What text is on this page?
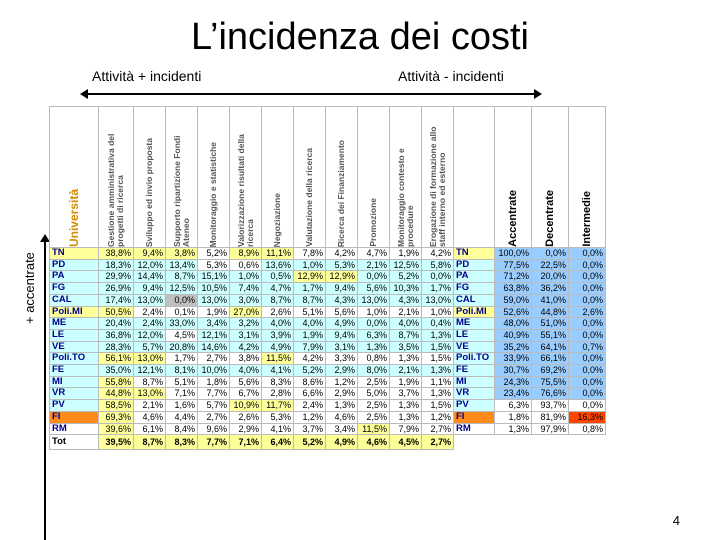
L’incidenza dei costi
Attività + incidenti	Attività - incidenti
+ accentrate
Università	Gestione amministrativa del progetti di ricerca	Sviluppo ed invio proposta	Supporto ripartizione Fondi Ateneo	Monitoraggio e statistiche	Valorizzazione risultati della ricerca	Negoziazione	Valutazione della ricerca	Ricerca dei Finanziamento	Promozione	Monitoraggio contesto e procedure	Erogazione di formazione allo staff interno ed esterno		Accentrate	Decentrate	Intermedie

TN	38,8%	9,4%	3,8%	5,2%	8,9%	11,1%	7,8%	4,2%	4,7%	1,9%	4,2%	TN	100,0%	0,0%	0,0%
PD	18,3%	12,0%	13,4%	5,3%	0,6%	13,6%	1,0%	5,3%	2,1%	12,5%	5,8%	PD	77,5%	22,5%	0,0%
PA	29,9%	14,4%	8,7%	15,1%	1,0%	0,5%	12,9%	12,9%	0,0%	5,2%	0,0%	PA	71,2%	20,0%	0,0%
FG	26,9%	9,4%	12,5%	10,5%	7,4%	4,7%	1,7%	9,4%	5,6%	10,3%	1,7%	FG	63,8%	36,2%	0,0%
CAL	17,4%	13,0%	0,0%	13,0%	3,0%	8,7%	8,7%	4,3%	13,0%	4,3%	13,0%	CAL	59,0%	41,0%	0,0%
Poli.MI	50,5%	2,4%	0,1%	1,9%	27,0%	2,6%	5,1%	5,6%	1,0%	2,1%	1,0%	Poli.MI	52,6%	44,8%	2,6%
ME	20,4%	2,4%	33,0%	3,4%	3,2%	4,0%	4,0%	4,9%	0,0%	4,0%	0,4%	ME	48,0%	51,0%	0,0%
LE	36,8%	12,0%	4,5%	12,1%	3,1%	3,9%	1,9%	9,4%	6,3%	8,7%	1,3%	LE	40,9%	55,1%	0,0%
VE	28,3%	5,7%	20,8%	14,6%	4,2%	4,9%	7,9%	3,1%	1,3%	3,5%	1,5%	VE	35,2%	64,1%	0,7%
Poli.TO	56,1%	13,0%	1,7%	2,7%	3,8%	11,5%	4,2%	3,3%	0,8%	1,3%	1,5%	Poli.TO	33,9%	66,1%	0,0%
FE	35,0%	12,1%	8,1%	10,0%	4,0%	4,1%	5,2%	2,9%	8,0%	2,1%	1,3%	FE	30,7%	69,2%	0,0%
MI	55,8%	8,7%	5,1%	1,8%	5,6%	8,3%	8,6%	1,2%	2,5%	1,9%	1,1%	MI	24,3%	75,5%	0,0%
VR	44,8%	13,0%	7,1%	7,7%	6,7%	2,8%	6,6%	2,9%	5,0%	3,7%	1,3%	VR	23,4%	76,6%	0,0%
PV	58,5%	2,1%	1,6%	5,7%	10,9%	11,7%	2,4%	1,3%	2,5%	1,3%	1,5%	PV	6,3%	93,7%	0,0%
FI	69,3%	4,6%	4,4%	2,7%	2,6%	5,3%	1,2%	4,6%	2,5%	1,3%	1,2%	FI	1,8%	81,9%	16,3%
RM	39,6%	6,1%	8,4%	9,6%	2,9%	4,1%	3,7%	3,4%	11,5%	7,9%	2,7%	RM	1,3%	97,9%	0,8%
Tot	39,5%	8,7%	8,3%	7,7%	7,1%	6,4%	5,2%	4,9%	4,6%	4,5%	2,7%				
4
